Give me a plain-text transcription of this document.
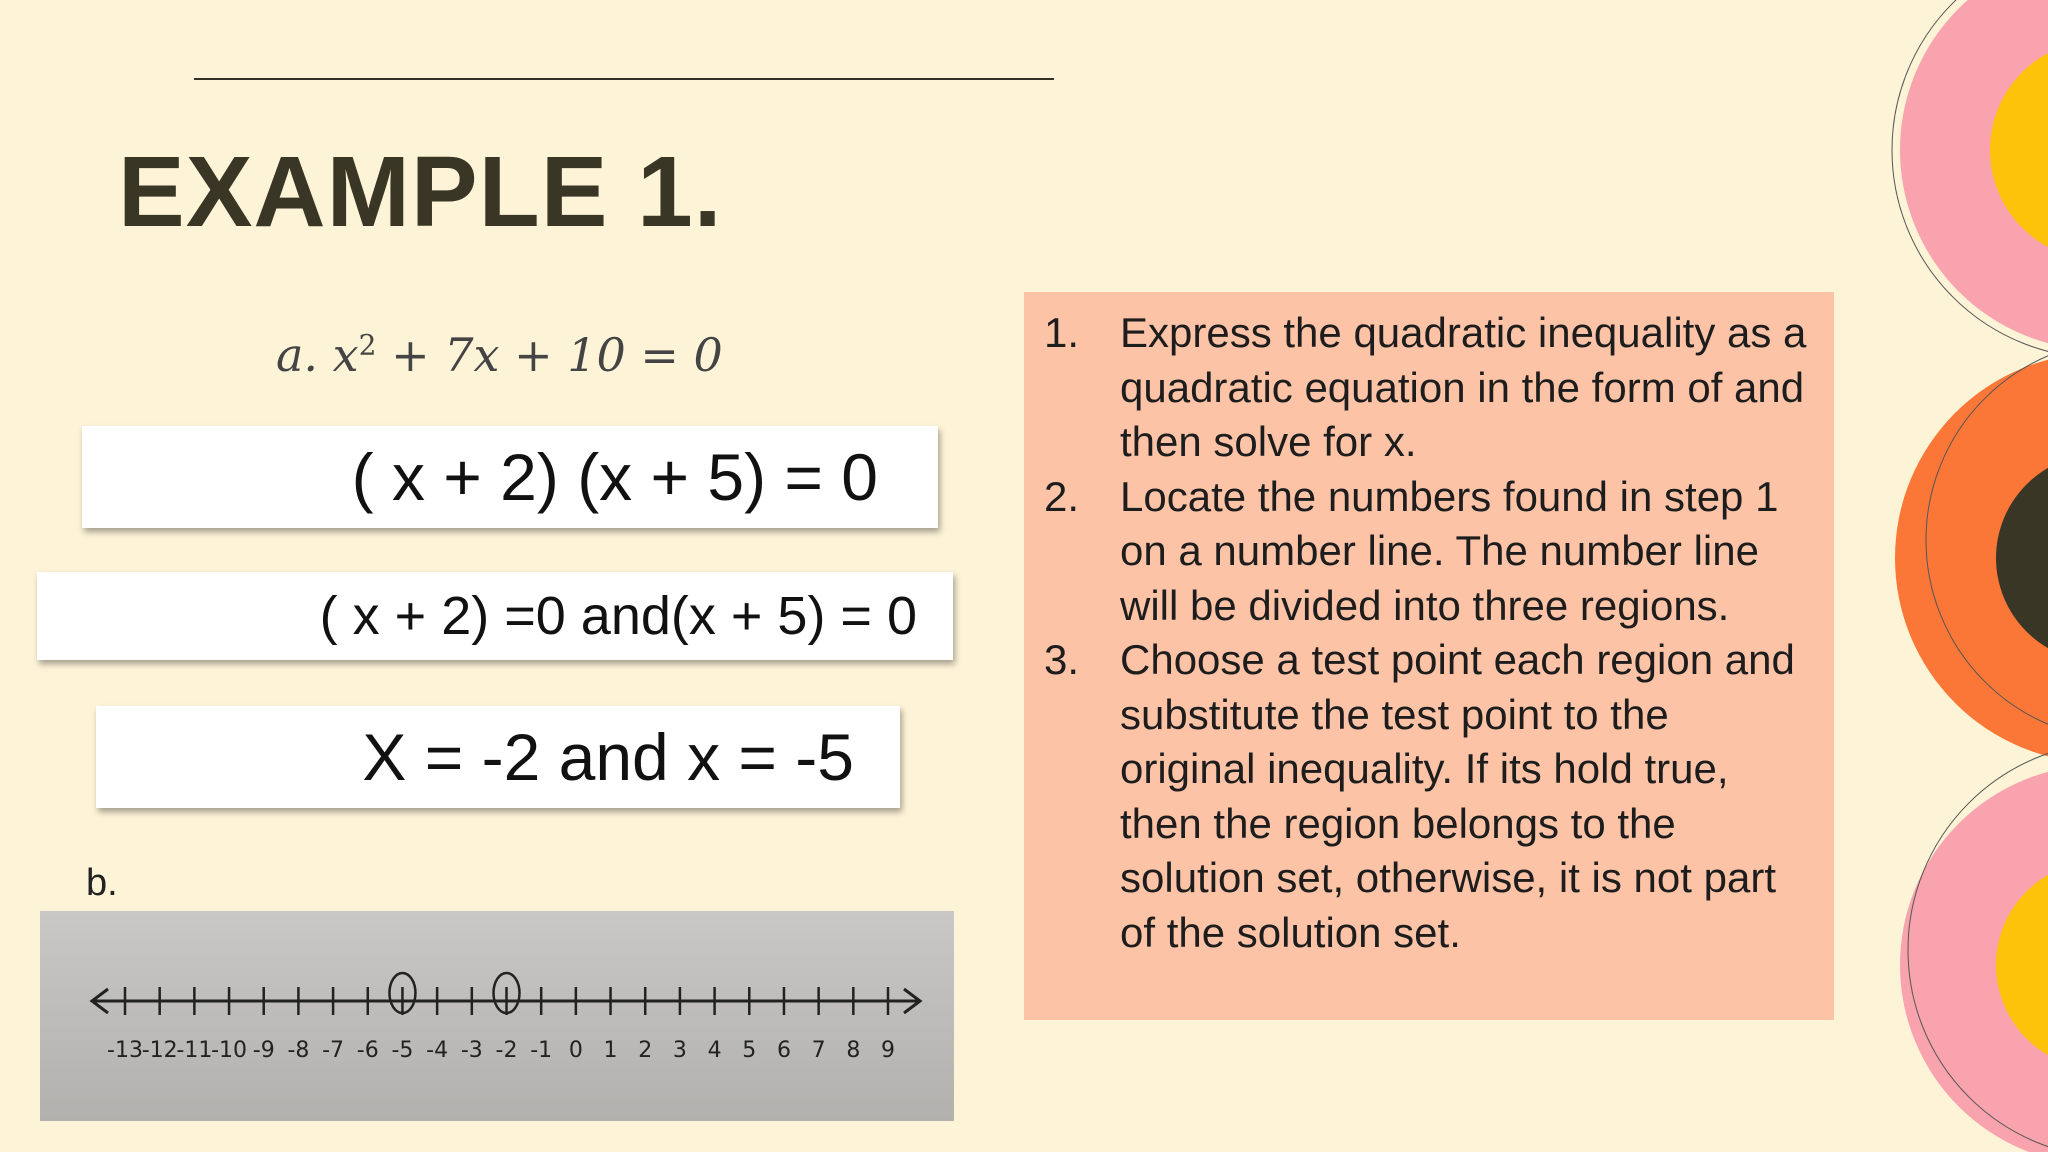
EXAMPLE 1.
a. $x^2 + 7x + 10 = 0$
( x + 2) (x + 5) = 0
( x + 2) =0 and(x + 5) = 0
X = -2 and x = -5
b.
-13
-12
-11
-10 -9 -8 -7 -6 -5 -4 -3 -2 -1 0 1 2 3 4 5 6 7 8 9
1. Express the quadratic inequality as a quadratic equation in the form of and then solve for x.
2. Locate the numbers found in step 1 on a number line. The number line will be divided into three regions.
3. Choose a test point each region and substitute the test point to the original inequality. If its hold true, then the region belongs to the solution set, otherwise, it is not part of the solution set.
